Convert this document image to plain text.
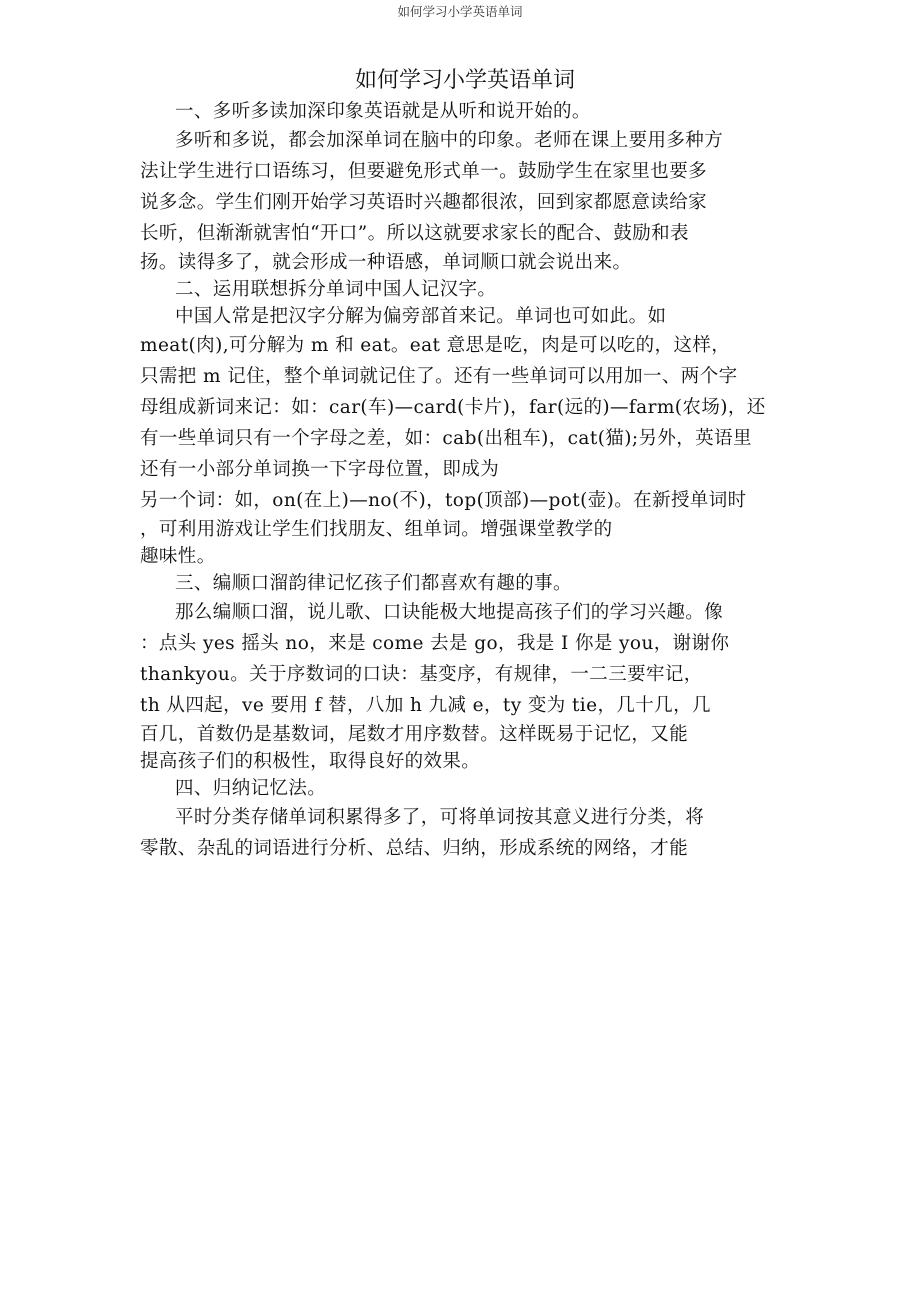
如何学习小学英语单词
如何学习小学英语单词

一、多听多读加深印象英语就是从听和说开始的。

多听和多说，都会加深单词在脑中的印象。老师在课上要用多种方

法让学生进行口语练习，但要避免形式单一。鼓励学生在家里也要多

说多念。学生们刚开始学习英语时兴趣都很浓，回到家都愿意读给家

长听，但渐渐就害怕“开口”。所以这就要求家长的配合、鼓励和表

扬。读得多了，就会形成一种语感，单词顺口就会说出来。

二、运用联想拆分单词中国人记汉字。

中国人常是把汉字分解为偏旁部首来记。单词也可如此。如

meat(肉),可分解为 m 和 eat。eat 意思是吃，肉是可以吃的，这样，

只需把 m 记住，整个单词就记住了。还有一些单词可以用加一、两个字

母组成新词来记：如：car(车)—card(卡片)，far(远的)—farm(农场)，还

有一些单词只有一个字母之差，如：cab(出租车)，cat(猫);另外，英语里

还有一小部分单词换一下字母位置，即成为

另一个词：如，on(在上)—no(不)，top(顶部)—pot(壶)。在新授单词时

，可利用游戏让学生们找朋友、组单词。增强课堂教学的

趣味性。

三、编顺口溜韵律记忆孩子们都喜欢有趣的事。

那么编顺口溜，说儿歌、口诀能极大地提高孩子们的学习兴趣。像

：点头 yes 摇头 no，来是 come 去是 go，我是 I 你是 you，谢谢你

thankyou。关于序数词的口诀：基变序，有规律，一二三要牢记，

th 从四起，ve 要用 f 替，八加 h 九减 e，ty 变为 tie，几十几，几

百几，首数仍是基数词，尾数才用序数替。这样既易于记忆，又能

提高孩子们的积极性，取得良好的效果。

四、归纳记忆法。

平时分类存储单词积累得多了，可将单词按其意义进行分类，将

零散、杂乱的词语进行分析、总结、归纳，形成系统的网络，才能
